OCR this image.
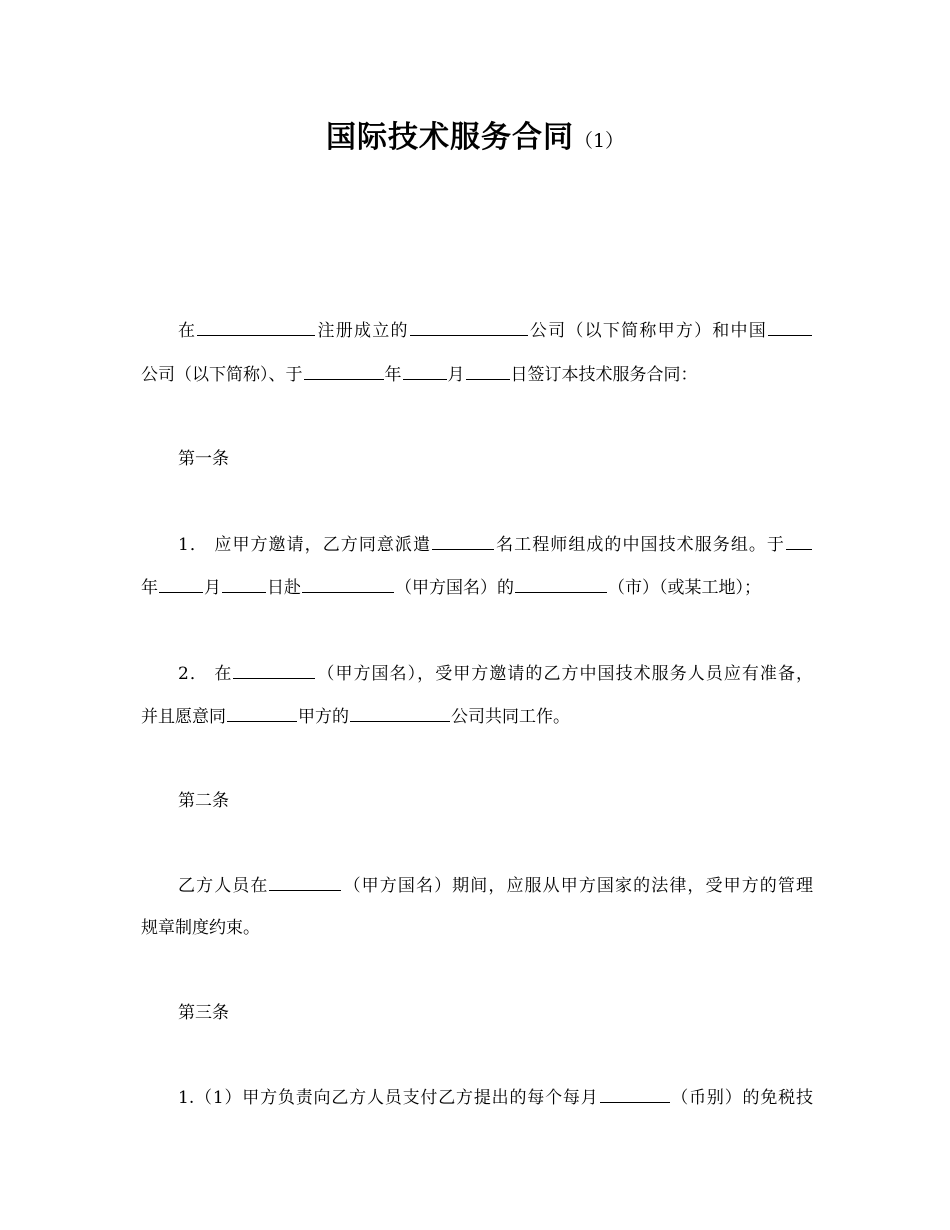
国际技术服务合同（1）
在	注册成立的	公司（以下简称甲方）和中国
公司（以下简称）、于	年	月	日签订本技术服务合同：
第一条
1． 应甲方邀请，乙方同意派遣	名工程师组成的中国技术服务组。于
年	月	日赴	（甲方国名）的	（市）（或某工地）；
2． 在	（甲方国名），受甲方邀请的乙方中国技术服务人员应有准备，
并且愿意同	甲方的	公司共同工作。
第二条
乙方人员在	（甲方国名）期间，应服从甲方国家的法律，受甲方的管理
规章制度约束。
第三条
1.（1）甲方负责向乙方人员支付乙方提出的每个每月	（币别）的免税技
